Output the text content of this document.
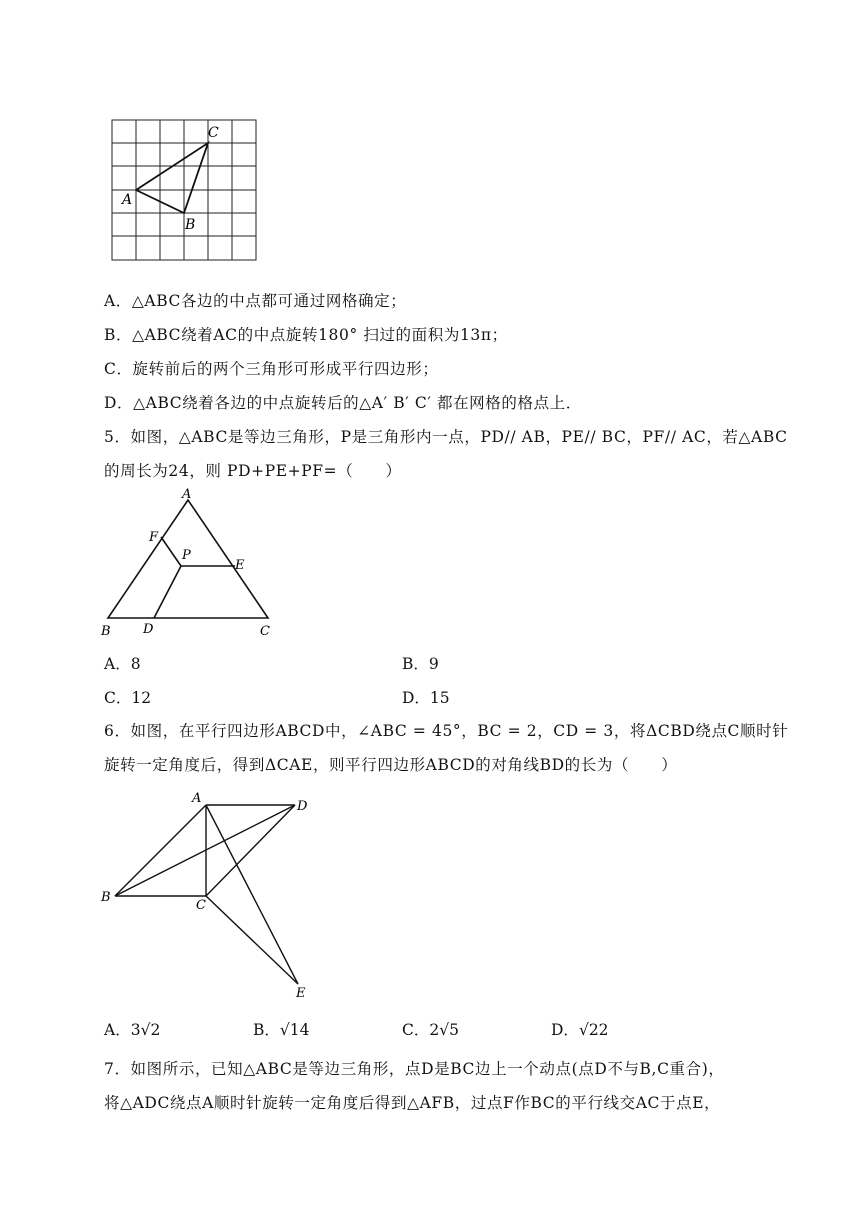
C
A
B
A．△ABC各边的中点都可通过网格确定；
B．△ABC绕着AC的中点旋转180° 扫过的面积为13π；
C．旋转前后的两个三角形可形成平行四边形；
D．△ABC绕着各边的中点旋转后的△A′ B′ C′ 都在网格的格点上．
5．如图，△ABC是等边三角形，P是三角形内一点，PD// AB，PE// BC，PF// AC，若△ABC
的周长为24，则 PD+PE+PF=（　　）
A
F
P
E
B D	C
A．8	B．9
C．12	D．15
6．如图，在平行四边形ABCD中，∠ABC = 45°，BC = 2，CD = 3，将ΔCBD绕点C顺时针
旋转一定角度后，得到ΔCAE，则平行四边形ABCD的对角线BD的长为（　　）
A
D
B
C
E
A．3√2	B．√14	C．2√5	D．√22
7．如图所示，已知△ABC是等边三角形，点D是BC边上一个动点(点D不与B,C重合)，
将△ADC绕点A顺时针旋转一定角度后得到△AFB，过点F作BC的平行线交AC于点E，
